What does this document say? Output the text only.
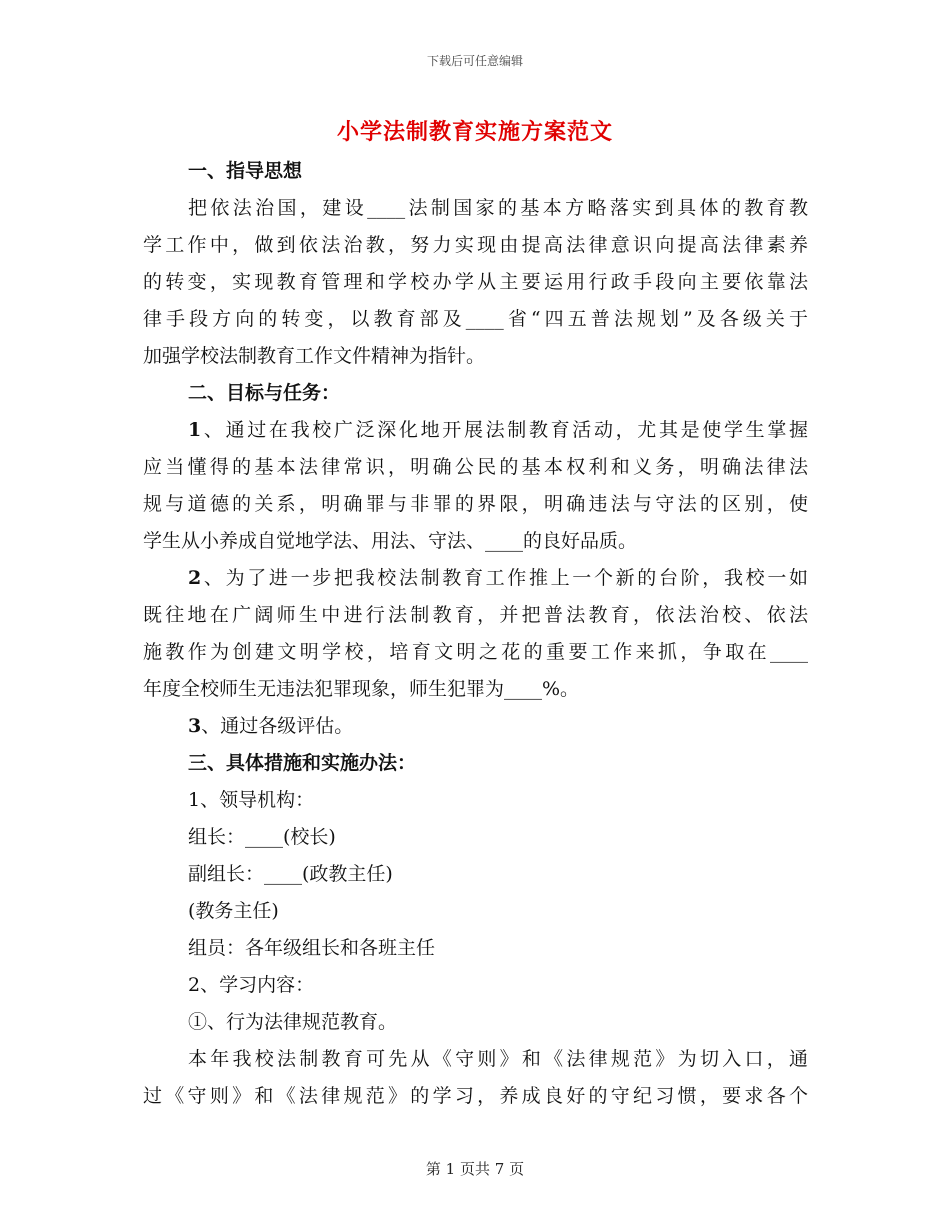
下载后可任意编辑
小学法制教育实施方案范文
一、指导思想
把依法治国，建设____法制国家的基本方略落实到具体的教育教
学工作中，做到依法治教，努力实现由提高法律意识向提高法律素养
的转变，实现教育管理和学校办学从主要运用行政手段向主要依靠法
律手段方向的转变，以教育部及____省“四五普法规划”及各级关于
加强学校法制教育工作文件精神为指针。
二、目标与任务：
1、通过在我校广泛深化地开展法制教育活动，尤其是使学生掌握
应当懂得的基本法律常识，明确公民的基本权利和义务，明确法律法
规与道德的关系，明确罪与非罪的界限，明确违法与守法的区别，使
学生从小养成自觉地学法、用法、守法、____的良好品质。
2、为了进一步把我校法制教育工作推上一个新的台阶，我校一如
既往地在广阔师生中进行法制教育，并把普法教育，依法治校、依法
施教作为创建文明学校，培育文明之花的重要工作来抓，争取在____
年度全校师生无违法犯罪现象，师生犯罪为____%。
3、通过各级评估。
三、具体措施和实施办法：
1、领导机构：
组长：____(校长)
副组长：____(政教主任)
(教务主任)
组员：各年级组长和各班主任
2、学习内容：
①、行为法律规范教育。
本年我校法制教育可先从《守则》和《法律规范》为切入口，通
过《守则》和《法律规范》的学习，养成良好的守纪习惯，要求各个
第 1 页共 7 页
